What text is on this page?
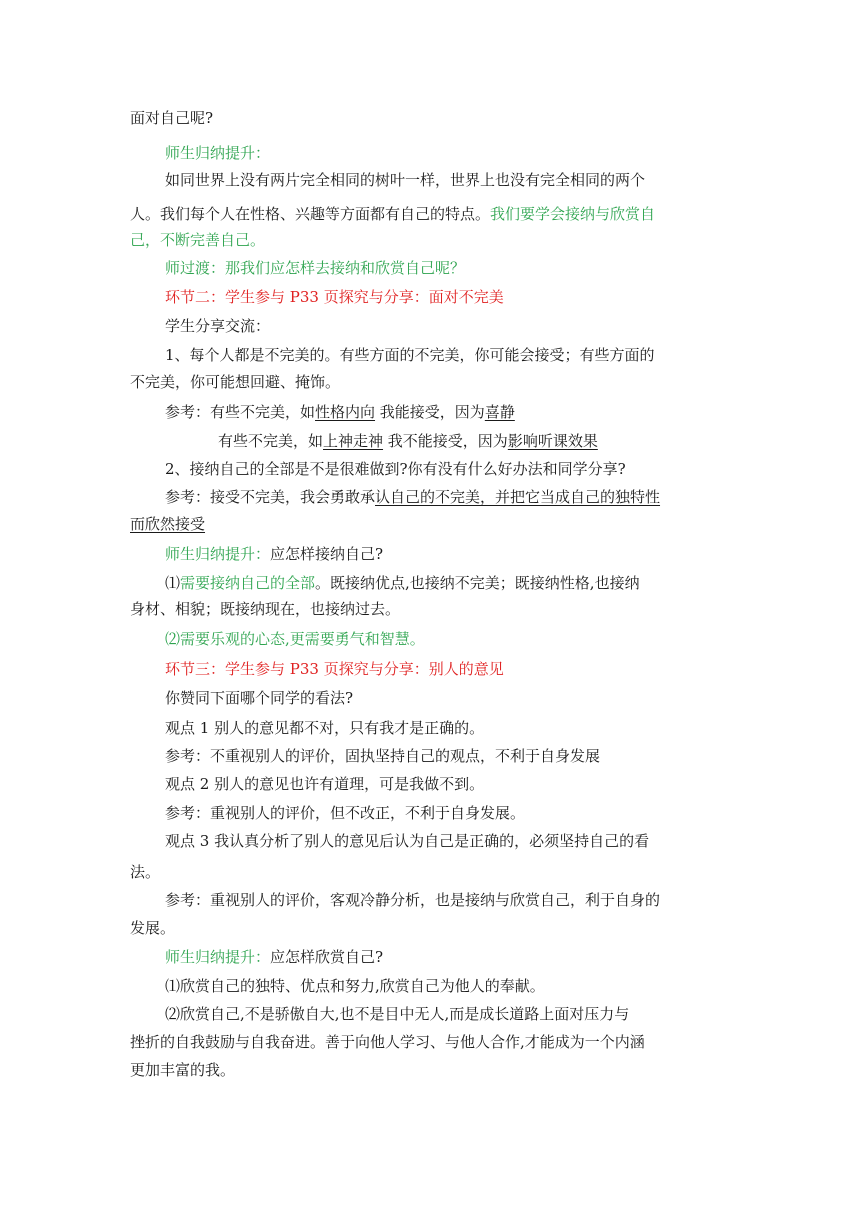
面对自己呢?
师生归纳提升：
如同世界上没有两片完全相同的树叶一样，世界上也没有完全相同的两个
人。我们每个人在性格、兴趣等方面都有自己的特点。我们要学会接纳与欣赏自
己，不断完善自己。
师过渡：那我们应怎样去接纳和欣赏自己呢？
环节二：学生参与 P33 页探究与分享：面对不完美
学生分享交流：
1、每个人都是不完美的。有些方面的不完美，你可能会接受；有些方面的
不完美，你可能想回避、掩饰。
参考：有些不完美，如性格内向 我能接受，因为喜静
有些不完美，如上神走神 我不能接受，因为影响听课效果
2、接纳自己的全部是不是很难做到?你有没有什么好办法和同学分享?
参考：接受不完美，我会勇敢承认自己的不完美，并把它当成自己的独特性
而欣然接受
师生归纳提升：应怎样接纳自己?
⑴需要接纳自己的全部。既接纳优点,也接纳不完美；既接纳性格,也接纳
身材、相貌；既接纳现在，也接纳过去。
⑵需要乐观的心态,更需要勇气和智慧。
环节三：学生参与 P33 页探究与分享：别人的意见
你赞同下面哪个同学的看法?
观点 1 别人的意见都不对，只有我才是正确的。
参考：不重视别人的评价，固执坚持自己的观点，不利于自身发展
观点 2 别人的意见也许有道理，可是我做不到。
参考：重视别人的评价，但不改正，不利于自身发展。
观点 3 我认真分析了别人的意见后认为自己是正确的，必须坚持自己的看
法。
参考：重视别人的评价，客观冷静分析，也是接纳与欣赏自己，利于自身的
发展。
师生归纳提升：应怎样欣赏自己?
⑴欣赏自己的独特、优点和努力,欣赏自己为他人的奉献。
⑵欣赏自己,不是骄傲自大,也不是目中无人,而是成长道路上面对压力与
挫折的自我鼓励与自我奋进。善于向他人学习、与他人合作,才能成为一个内涵
更加丰富的我。
